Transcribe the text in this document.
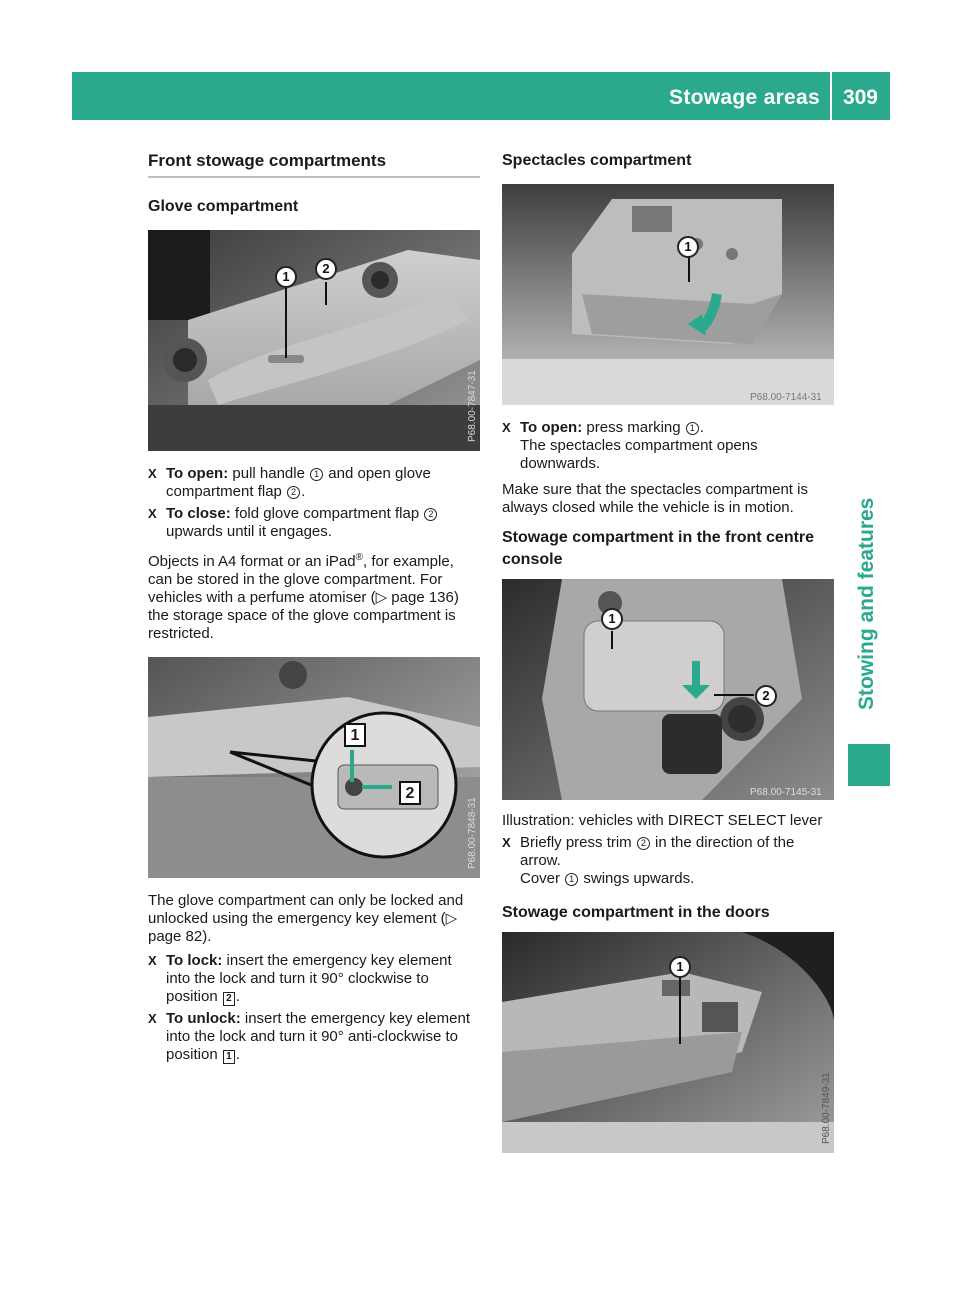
Stowage areas 309
Stowing and features
Front stowage compartments
Glove compartment
1
2
P68.00-7847-31
X To open: pull handle 1 and open glove compartment flap 2 .
X To close: fold glove compartment flap 2 upwards until it engages.

Objects in A4 format or an iPad®, for example, can be stored in the glove compartment. For vehicles with a perfume atomiser (▷ page 136) the storage space of the glove compartment is restricted.

1
2
P68.00-7848-31

The glove compartment can only be locked and unlocked using the emergency key element (▷ page 82).

X To lock: insert the emergency key element into the lock and turn it 90° clockwise to position 2 .
X To unlock: insert the emergency key element into the lock and turn it 90° anti-clockwise to position 1 .
Spectacles compartment
1
P68.00-7144-31
X To open: press marking 1 .
The spectacles compartment opens downwards.

Make sure that the spectacles compartment is always closed while the vehicle is in motion.

Stowage compartment in the front centre console
1
2
P68.00-7145-31

Illustration: vehicles with DIRECT SELECT lever

X Briefly press trim 2 in the direction of the arrow.
Cover 1 swings upwards.
Stowage compartment in the doors
1
P68.00-7849-31
